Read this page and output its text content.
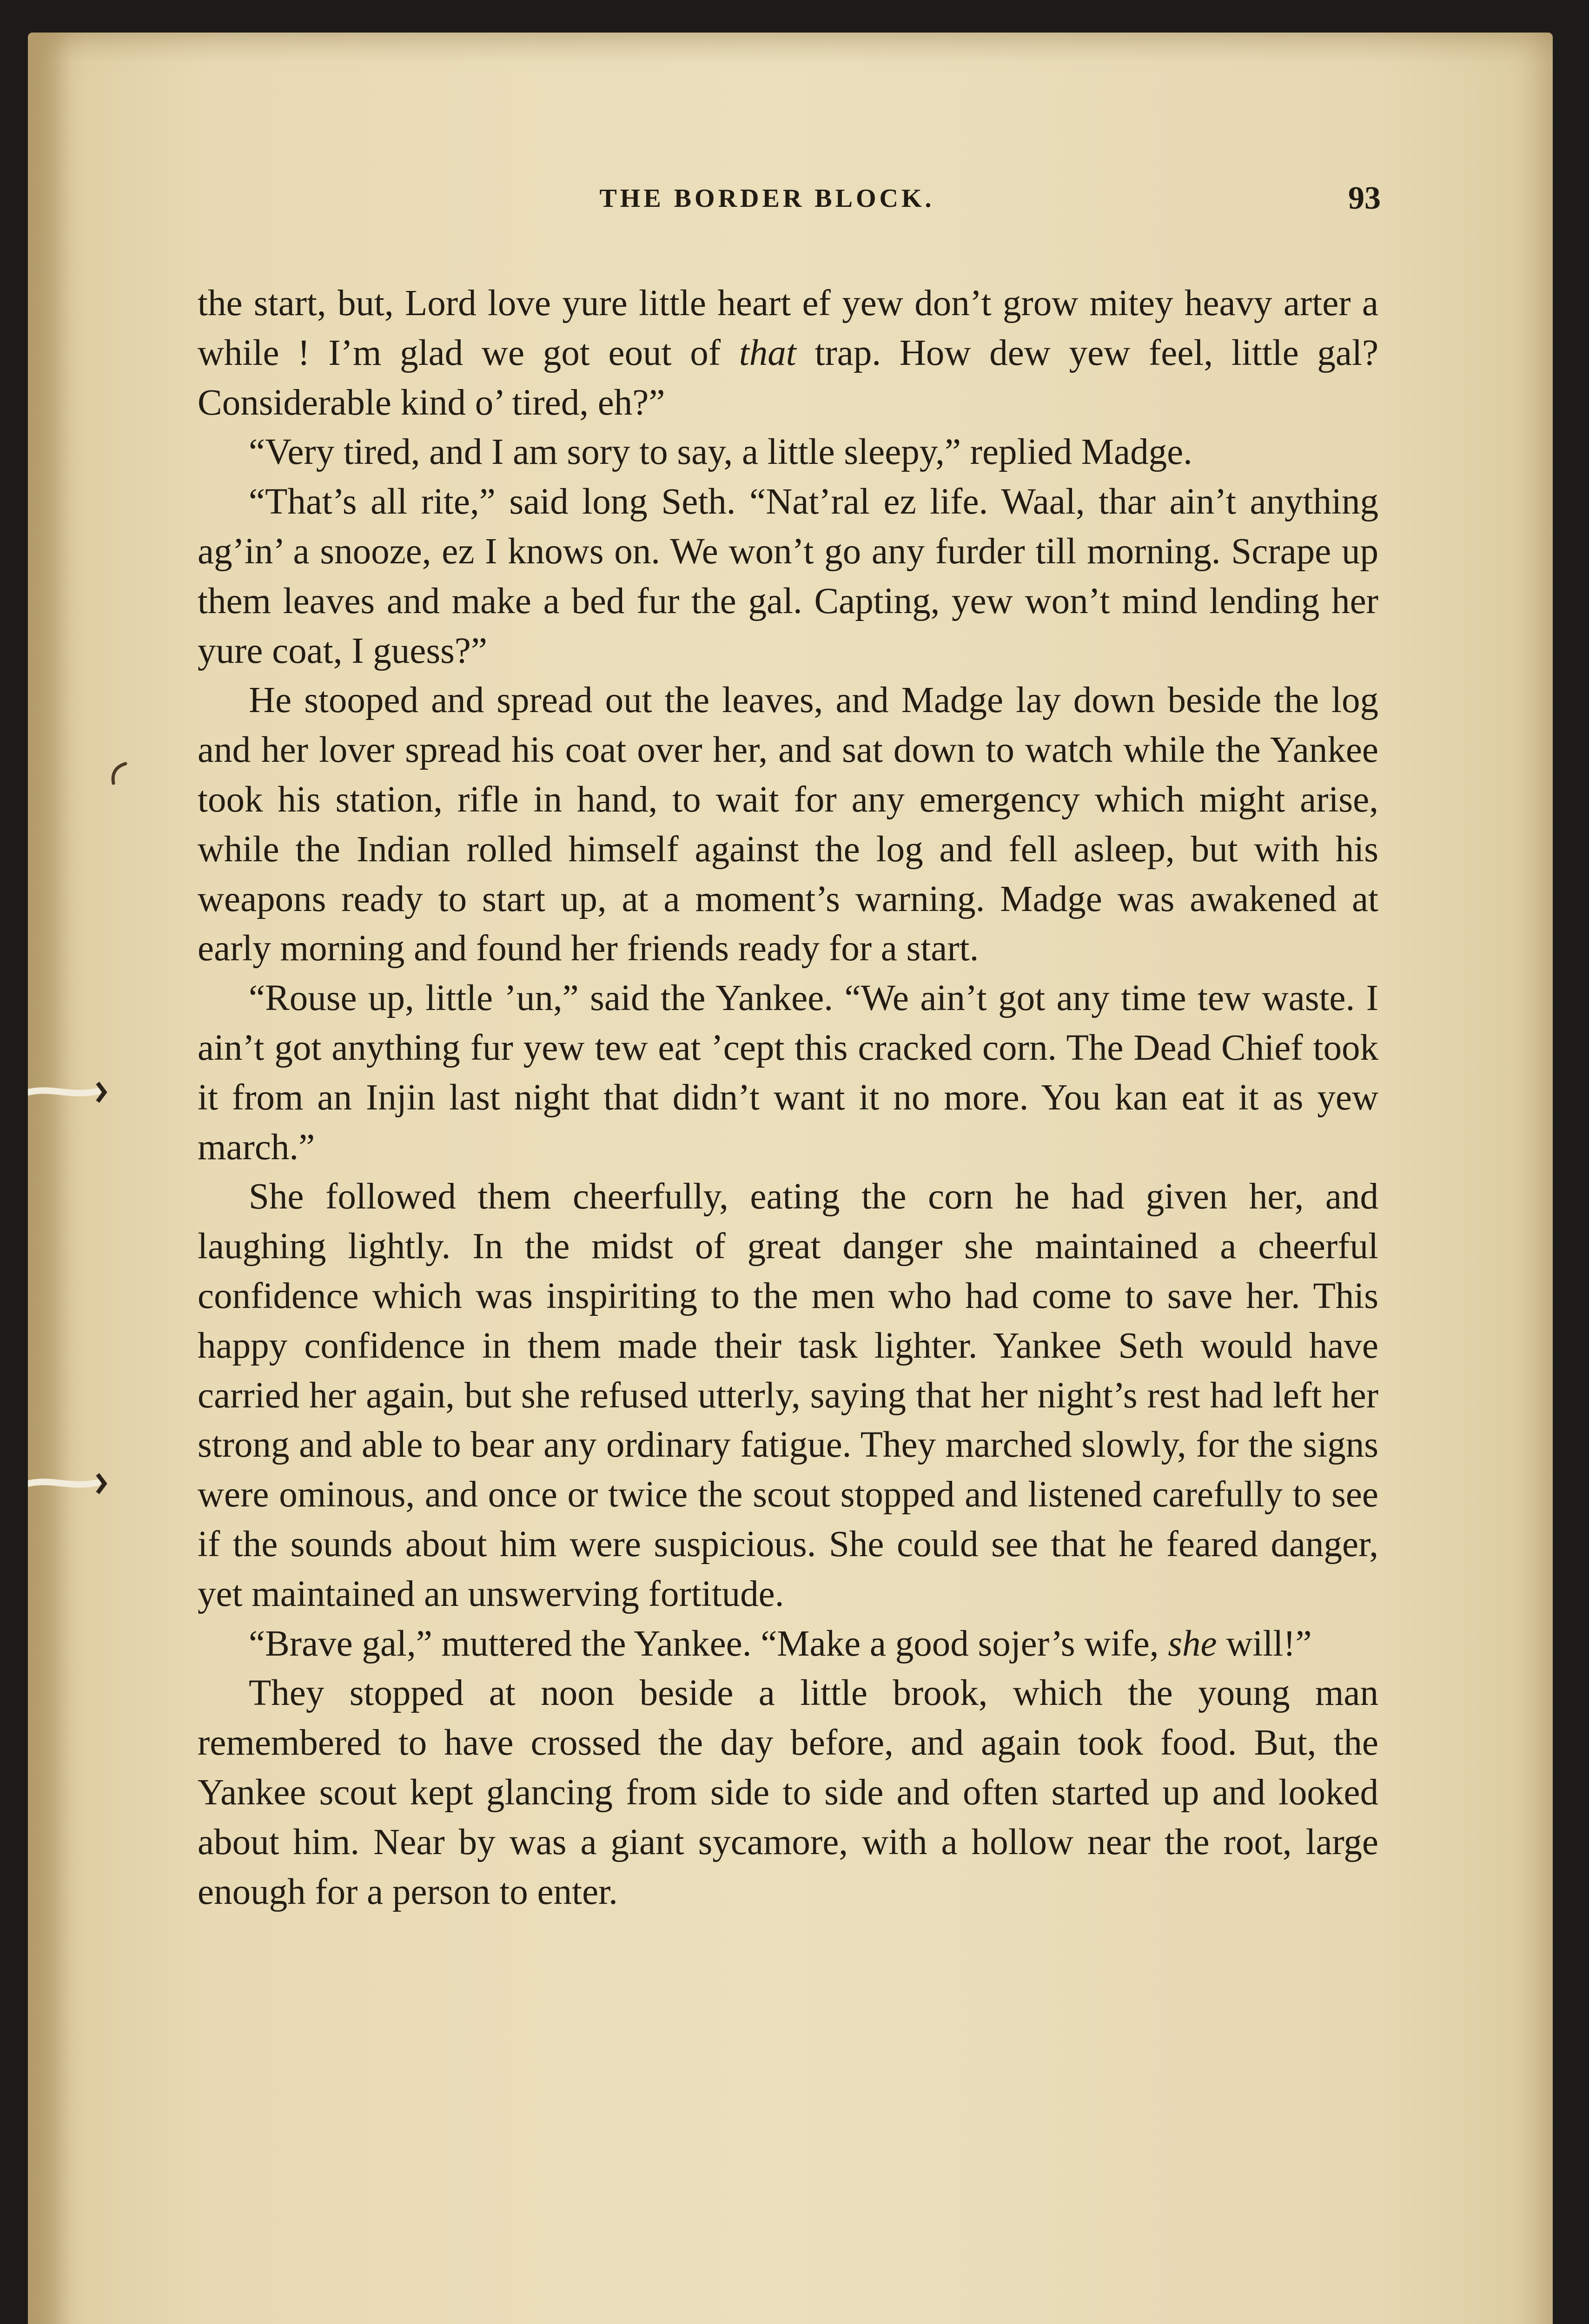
THE BORDER BLOCK.	93

the start, but, Lord love yure little heart ef yew don’t grow mitey heavy arter a while ! I’m glad we got eout of that trap. How dew yew feel, little gal? Considerable kind o’ tired, eh?”

“Very tired, and I am sory to say, a little sleepy,” replied Madge.

“That’s all rite,” said long Seth. “Nat’ral ez life. Waal, thar ain’t anything ag’in’ a snooze, ez I knows on. We won’t go any furder till morning. Scrape up them leaves and make a bed fur the gal. Capting, yew won’t mind lending her yure coat, I guess?”

He stooped and spread out the leaves, and Madge lay down beside the log and her lover spread his coat over her, and sat down to watch while the Yankee took his station, rifle in hand, to wait for any emergency which might arise, while the Indian rolled himself against the log and fell asleep, but with his weapons ready to start up, at a moment’s warning. Madge was awakened at early morning and found her friends ready for a start.

“Rouse up, little ’un,” said the Yankee. “We ain’t got any time tew waste. I ain’t got anything fur yew tew eat ’cept this cracked corn. The Dead Chief took it from an Injin last night that didn’t want it no more. You kan eat it as yew march.”

She followed them cheerfully, eating the corn he had given her, and laughing lightly. In the midst of great danger she maintained a cheerful confidence which was inspiriting to the men who had come to save her. This happy confidence in them made their task lighter. Yankee Seth would have carried her again, but she refused utterly, saying that her night’s rest had left her strong and able to bear any ordinary fatigue. They marched slowly, for the signs were ominous, and once or twice the scout stopped and listened carefully to see if the sounds about him were suspicious. She could see that he feared danger, yet maintained an unswerving fortitude.

“Brave gal,” muttered the Yankee. “Make a good sojer’s wife, she will!”

They stopped at noon beside a little brook, which the young man remembered to have crossed the day before, and again took food. But, the Yankee scout kept glancing from side to side and often started up and looked about him. Near by was a giant sycamore, with a hollow near the root, large enough for a person to enter.
